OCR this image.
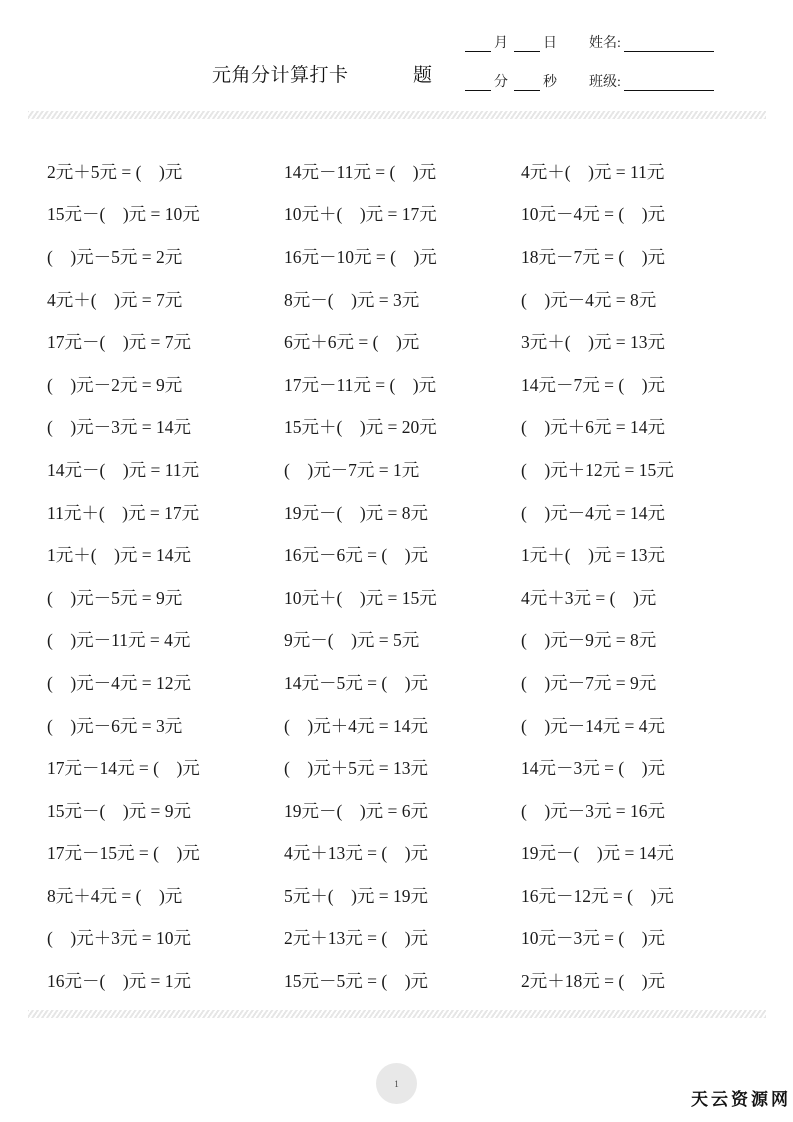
元角分计算打卡	题
月	日 姓名:
分	秒 班级:
2元＋5元 = (    )元	14元－11元 = (    )元	4元＋(    )元 = 11元
15元－(    )元 = 10元	10元＋(    )元 = 17元	10元－4元 = (    )元
(    )元－5元 = 2元	16元－10元 = (    )元	18元－7元 = (    )元
4元＋(    )元 = 7元	8元－(    )元 = 3元	(    )元－4元 = 8元
17元－(    )元 = 7元	6元＋6元 = (    )元	3元＋(    )元 = 13元
(    )元－2元 = 9元	17元－11元 = (    )元	14元－7元 = (    )元
(    )元－3元 = 14元	15元＋(    )元 = 20元	(    )元＋6元 = 14元
14元－(    )元 = 11元	(    )元－7元 = 1元	(    )元＋12元 = 15元
11元＋(    )元 = 17元	19元－(    )元 = 8元	(    )元－4元 = 14元
1元＋(    )元 = 14元	16元－6元 = (    )元	1元＋(    )元 = 13元
(    )元－5元 = 9元	10元＋(    )元 = 15元	4元＋3元 = (    )元
(    )元－11元 = 4元	9元－(    )元 = 5元	(    )元－9元 = 8元
(    )元－4元 = 12元	14元－5元 = (    )元	(    )元－7元 = 9元
(    )元－6元 = 3元	(    )元＋4元 = 14元	(    )元－14元 = 4元
17元－14元 = (    )元	(    )元＋5元 = 13元	14元－3元 = (    )元
15元－(    )元 = 9元	19元－(    )元 = 6元	(    )元－3元 = 16元
17元－15元 = (    )元	4元＋13元 = (    )元	19元－(    )元 = 14元
8元＋4元 = (    )元	5元＋(    )元 = 19元	16元－12元 = (    )元
(    )元＋3元 = 10元	2元＋13元 = (    )元	10元－3元 = (    )元
16元－(    )元 = 1元	15元－5元 = (    )元	2元＋18元 = (    )元
1
天云资源网
